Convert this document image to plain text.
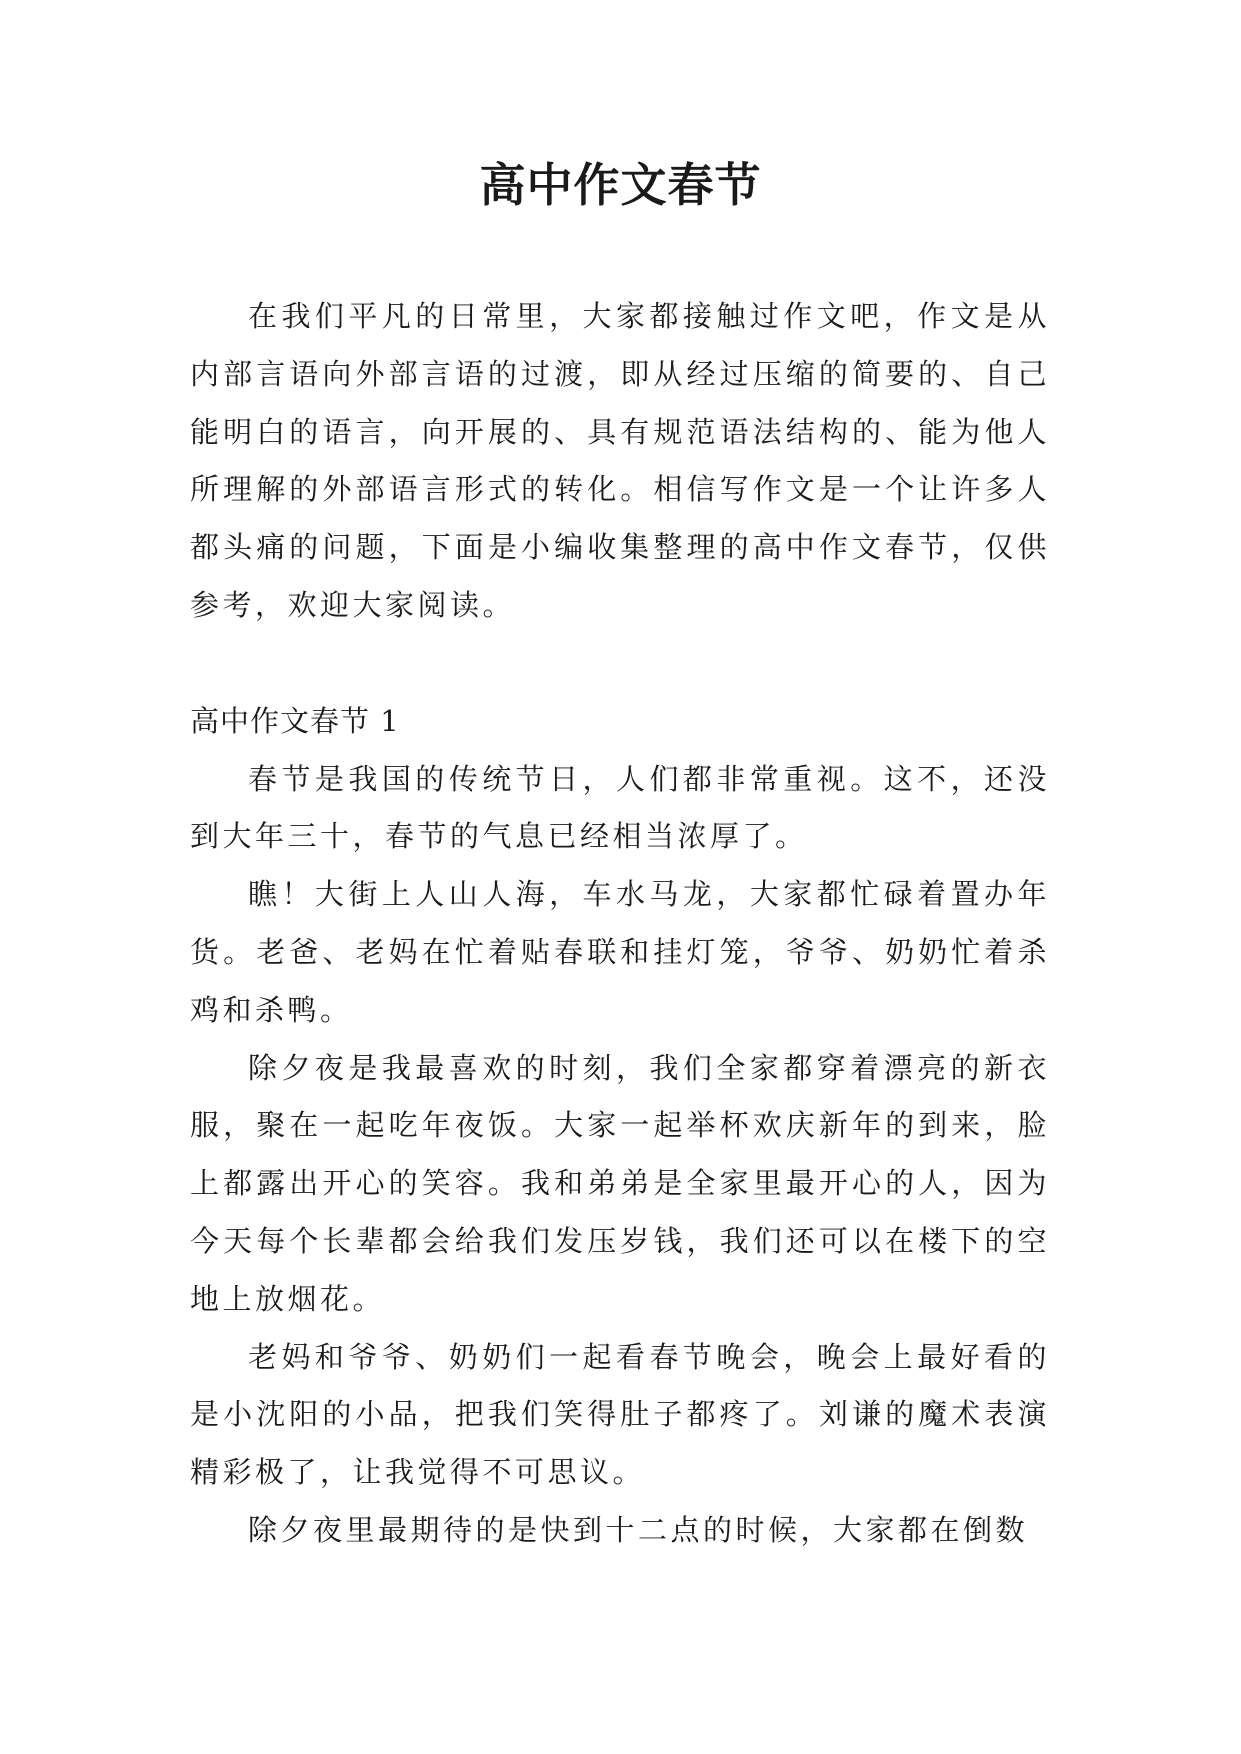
高中作文春节

在我们平凡的日常里，大家都接触过作文吧，作文是从内部言语向外部言语的过渡，即从经过压缩的简要的、自己能明白的语言，向开展的、具有规范语法结构的、能为他人所理解的外部语言形式的转化。相信写作文是一个让许多人都头痛的问题，下面是小编收集整理的高中作文春节，仅供参考，欢迎大家阅读。

高中作文春节 1

春节是我国的传统节日，人们都非常重视。这不，还没到大年三十，春节的气息已经相当浓厚了。

瞧！大街上人山人海，车水马龙，大家都忙碌着置办年货。老爸、老妈在忙着贴春联和挂灯笼，爷爷、奶奶忙着杀鸡和杀鸭。

除夕夜是我最喜欢的时刻，我们全家都穿着漂亮的新衣服，聚在一起吃年夜饭。大家一起举杯欢庆新年的到来，脸上都露出开心的笑容。我和弟弟是全家里最开心的人，因为今天每个长辈都会给我们发压岁钱，我们还可以在楼下的空地上放烟花。

老妈和爷爷、奶奶们一起看春节晚会，晚会上最好看的是小沈阳的小品，把我们笑得肚子都疼了。刘谦的魔术表演精彩极了，让我觉得不可思议。

除夕夜里最期待的是快到十二点的时候，大家都在倒数
